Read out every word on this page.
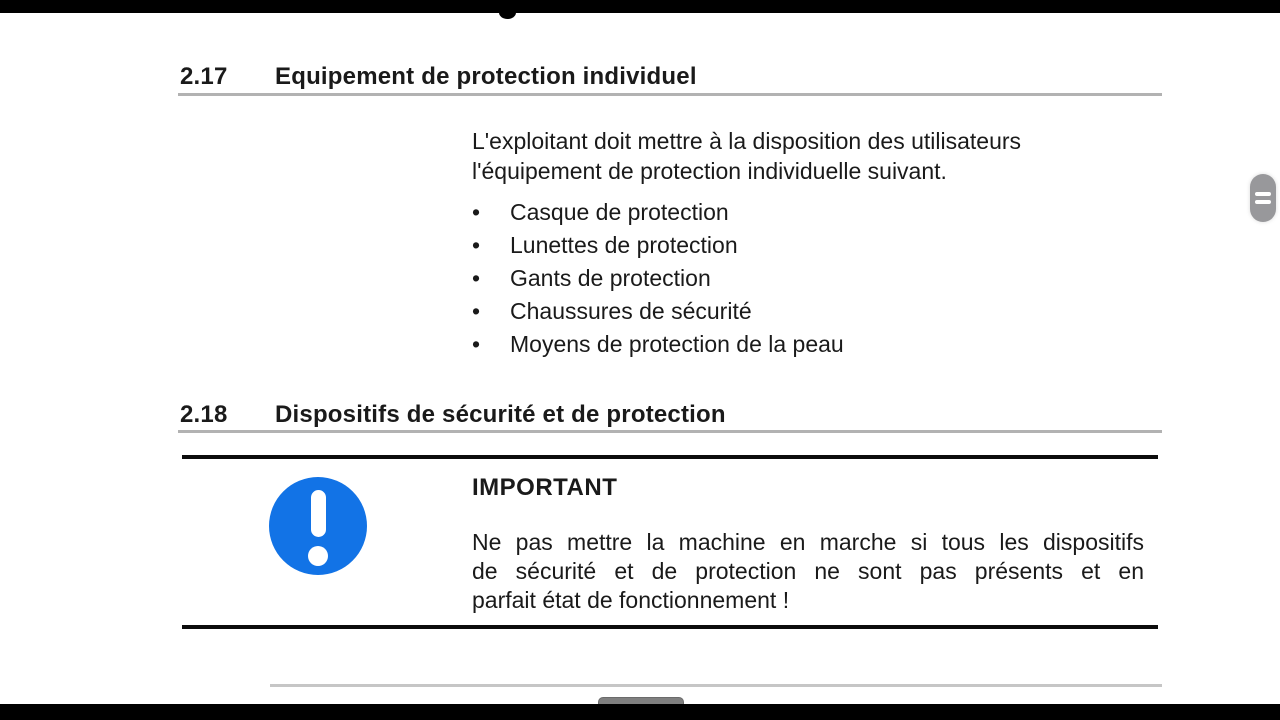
2.17	Equipement de protection individuel
L'exploitant doit mettre à la disposition des utilisateurs
l'équipement de protection individuelle suivant.
•	Casque de protection
•	Lunettes de protection
•	Gants de protection
•	Chaussures de sécurité
•	Moyens de protection de la peau
2.18	Dispositifs de sécurité et de protection
IMPORTANT
Ne pas mettre la machine en marche si tous les dispositifs
de sécurité et de protection ne sont pas présents et en
parfait état de fonctionnement !
